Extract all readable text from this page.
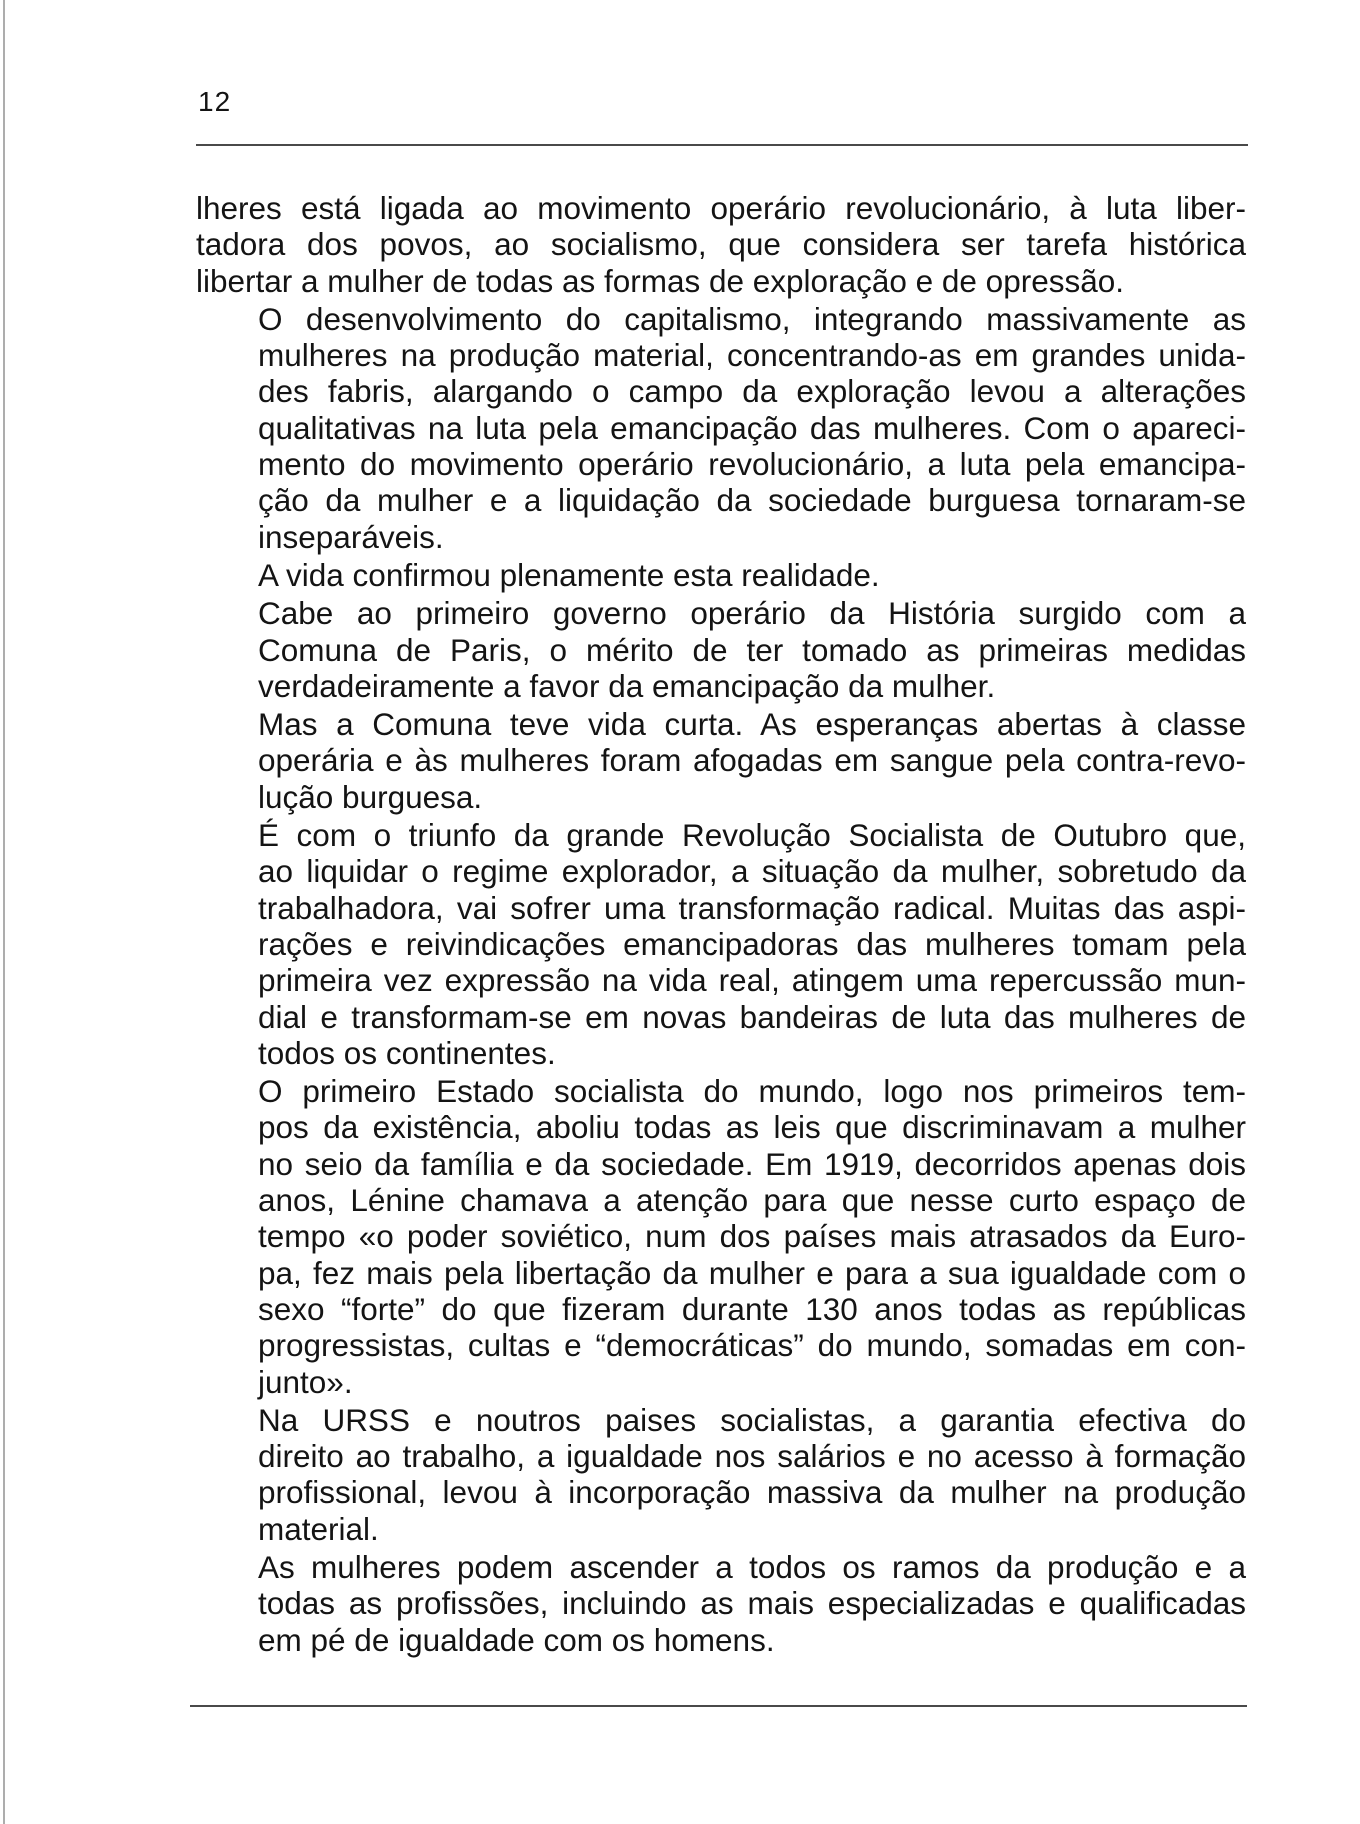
12

lheres está ligada ao movimento operário revolucionário, à luta liber-
tadora dos povos, ao socialismo, que considera ser tarefa histórica
libertar a mulher de todas as formas de exploração e de opressão.

O desenvolvimento do capitalismo, integrando massivamente as
mulheres na produção material, concentrando-as em grandes unida-
des fabris, alargando o campo da exploração levou a alterações
qualitativas na luta pela emancipação das mulheres. Com o apareci-
mento do movimento operário revolucionário, a luta pela emancipa-
ção da mulher e a liquidação da sociedade burguesa tornaram-se
inseparáveis.

A vida confirmou plenamente esta realidade.

Cabe ao primeiro governo operário da História surgido com a
Comuna de Paris, o mérito de ter tomado as primeiras medidas
verdadeiramente a favor da emancipação da mulher.

Mas a Comuna teve vida curta. As esperanças abertas à classe
operária e às mulheres foram afogadas em sangue pela contra-revo-
lução burguesa.

É com o triunfo da grande Revolução Socialista de Outubro que,
ao liquidar o regime explorador, a situação da mulher, sobretudo da
trabalhadora, vai sofrer uma transformação radical. Muitas das aspi-
rações e reivindicações emancipadoras das mulheres tomam pela
primeira vez expressão na vida real, atingem uma repercussão mun-
dial e transformam-se em novas bandeiras de luta das mulheres de
todos os continentes.

O primeiro Estado socialista do mundo, logo nos primeiros tem-
pos da existência, aboliu todas as leis que discriminavam a mulher
no seio da família e da sociedade. Em 1919, decorridos apenas dois
anos, Lénine chamava a atenção para que nesse curto espaço de
tempo «o poder soviético, num dos países mais atrasados da Euro-
pa, fez mais pela libertação da mulher e para a sua igualdade com o
sexo “forte” do que fizeram durante 130 anos todas as repúblicas
progressistas, cultas e “democráticas” do mundo, somadas em con-
junto».

Na URSS e noutros paises socialistas, a garantia efectiva do
direito ao trabalho, a igualdade nos salários e no acesso à formação
profissional, levou à incorporação massiva da mulher na produção
material.

As mulheres podem ascender a todos os ramos da produção e a
todas as profissões, incluindo as mais especializadas e qualificadas
em pé de igualdade com os homens.
